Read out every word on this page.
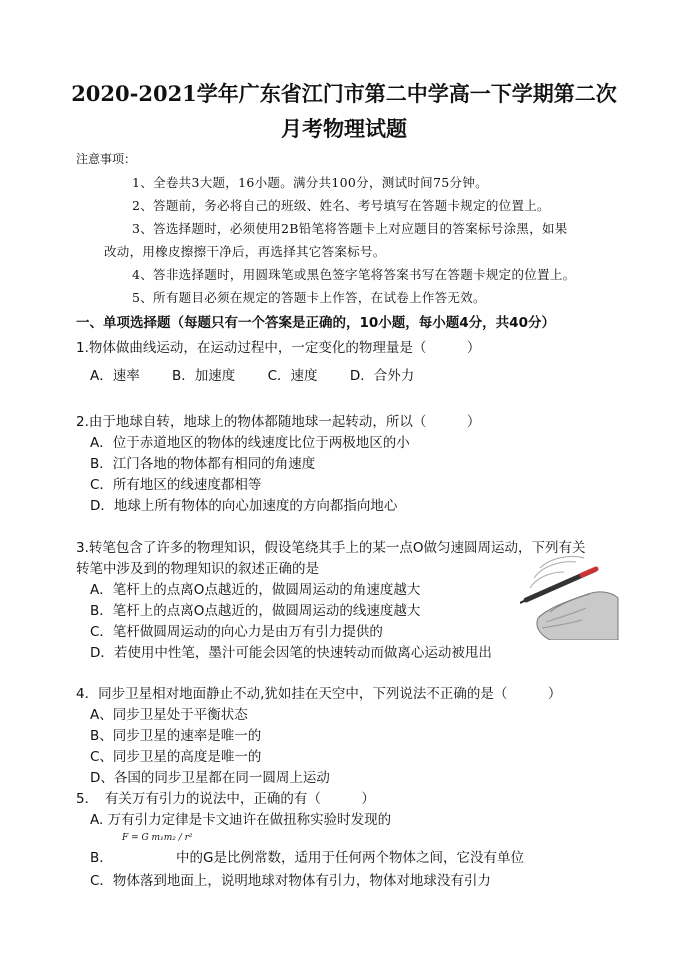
2020-2021学年广东省江门市第二中学高一下学期第二次
月考物理试题
注意事项：
1、全卷共3大题，16小题。满分共100分，测试时间75分钟。
2、答题前，务必将自己的班级、姓名、考号填写在答题卡规定的位置上。
3、答选择题时，必须使用2B铅笔将答题卡上对应题目的答案标号涂黑，如果
改动，用橡皮擦擦干净后，再选择其它答案标号。
4、答非选择题时，用圆珠笔或黑色签字笔将答案书写在答题卡规定的位置上。
5、所有题目必须在规定的答题卡上作答，在试卷上作答无效。
一、单项选择题（每题只有一个答案是正确的，10小题，每小题4分，共40分）
1.物体做曲线运动，在运动过程中，一定变化的物理量是（　　　）
A．速率 B．加速度 C．速度 D．合外力
2.由于地球自转，地球上的物体都随地球一起转动，所以（　　　）
A．位于赤道地区的物体的线速度比位于两极地区的小
B．江门各地的物体都有相同的角速度
C．所有地区的线速度都相等
D．地球上所有物体的向心加速度的方向都指向地心
3.转笔包含了许多的物理知识，假设笔绕其手上的某一点O做匀速圆周运动，下列有关
转笔中涉及到的物理知识的叙述正确的是
A．笔杆上的点离O点越近的，做圆周运动的角速度越大
B．笔杆上的点离O点越近的，做圆周运动的线速度越大
C．笔杆做圆周运动的向心力是由万有引力提供的
D．若使用中性笔，墨汁可能会因笔的快速转动而做离心运动被甩出
4．同步卫星相对地面静止不动,犹如挂在天空中，下列说法不正确的是（　　　）
A、同步卫星处于平衡状态
B、同步卫星的速率是唯一的
C、同步卫星的高度是唯一的
D、各国的同步卫星都在同一圆周上运动
5．　有关万有引力的说法中，正确的有（　　　）
A. 万有引力定律是卡文迪许在做扭称实验时发现的
B．
F = G m₁m₂ / r²
中的G是比例常数，适用于任何两个物体之间，它没有单位
C．物体落到地面上，说明地球对物体有引力，物体对地球没有引力
